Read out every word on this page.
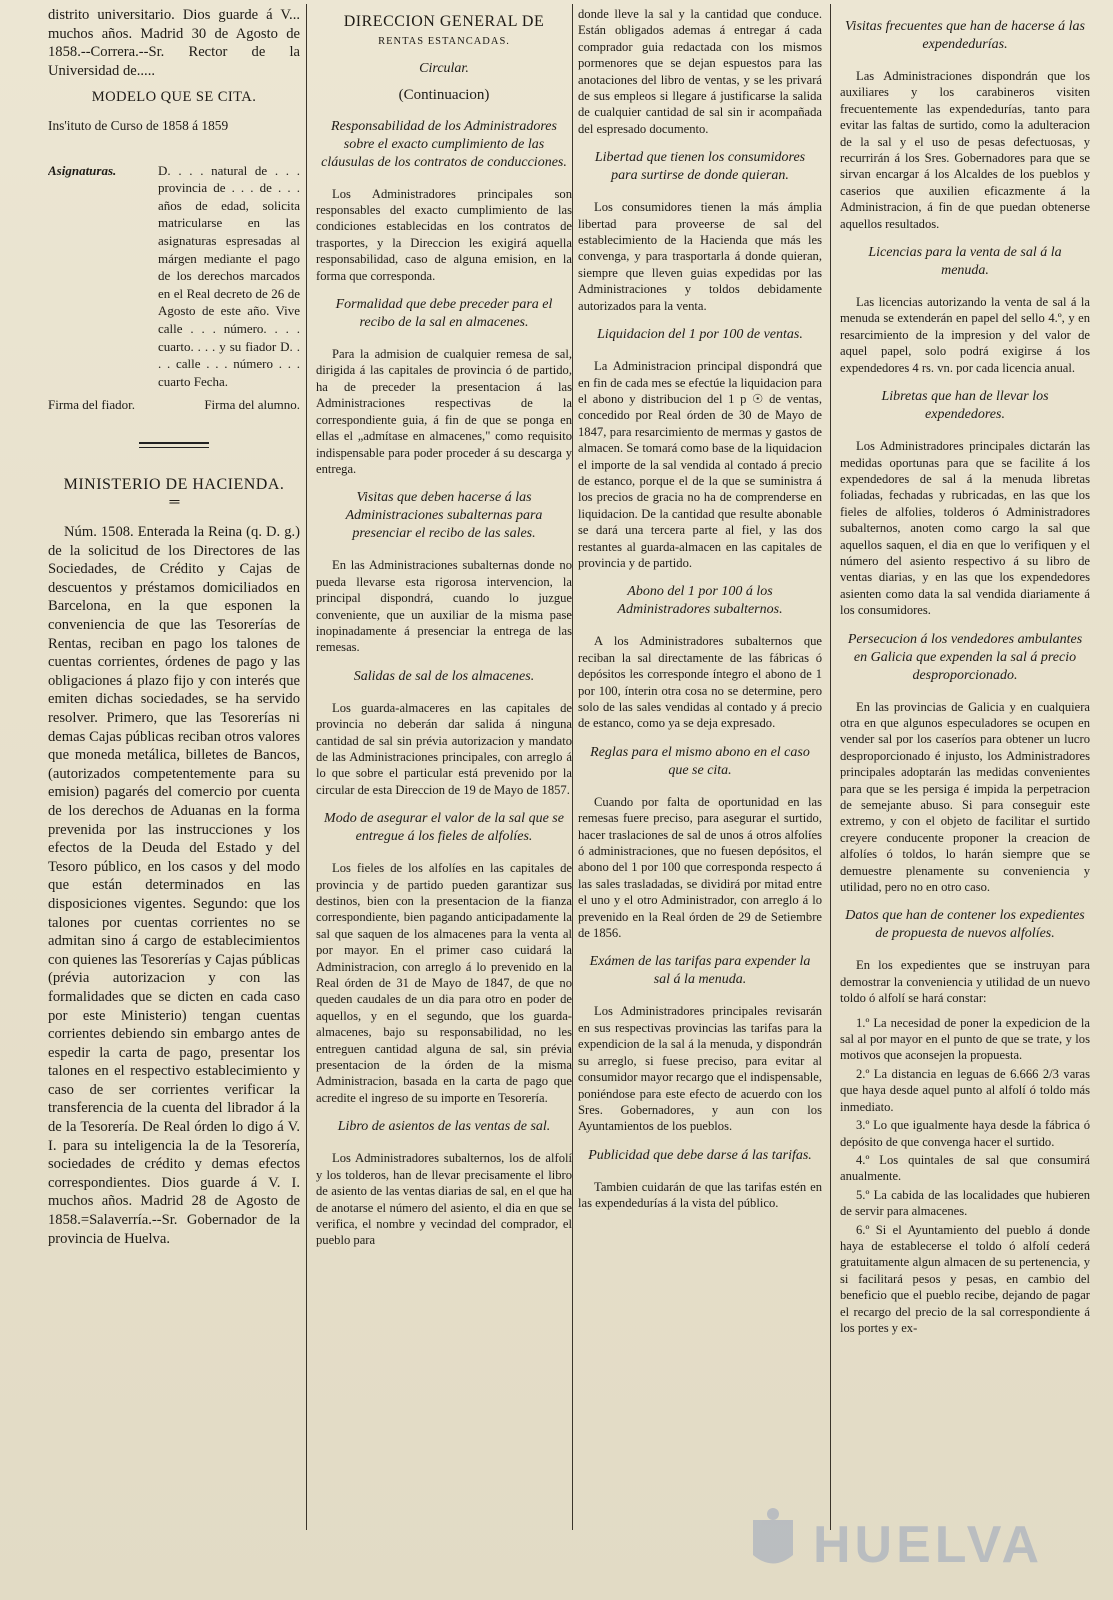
distrito universitario. Dios guarde á V... muchos años. Madrid 30 de Agosto de 1858.--Correra.--Sr. Rector de la Universidad de.....

MODELO QUE SE CITA.
Ins'ituto de Curso de 1858 á 1859
Asignaturas.	D. . . . natural de . . . provincia de . . . de . . . años de edad, solicita matricularse en las asignaturas espresadas al márgen mediante el pago de los derechos marcados en el Real decreto de 26 de Agosto de este año. Vive calle . . . número. . . . cuarto. . . . y su fiador D. . . . calle . . . número . . . cuarto Fecha.
Firma del fiador.	Firma del alumno.
MINISTERIO DE HACIENDA.
═

Núm. 1508. Enterada la Reina (q. D. g.) de la solicitud de los Directores de las Sociedades, de Crédito y Cajas de descuentos y préstamos domiciliados en Barcelona, en la que esponen la conveniencia de que las Tesorerías de Rentas, reciban en pago los talones de cuentas corrientes, órdenes de pago y las obligaciones á plazo fijo y con interés que emiten dichas sociedades, se ha servido resolver. Primero, que las Tesorerías ni demas Cajas públicas reciban otros valores que moneda metálica, billetes de Bancos, (autorizados competentemente para su emision) pagarés del comercio por cuenta de los derechos de Aduanas en la forma prevenida por las instrucciones y los efectos de la Deuda del Estado y del Tesoro público, en los casos y del modo que están determinados en las disposiciones vigentes. Segundo: que los talones por cuentas corrientes no se admitan sino á cargo de establecimientos con quienes las Tesorerías y Cajas públicas (prévia autorizacion y con las formalidades que se dicten en cada caso por este Ministerio) tengan cuentas corrientes debiendo sin embargo antes de espedir la carta de pago, presentar los talones en el respectivo establecimiento y caso de ser corrientes verificar la transferencia de la cuenta del librador á la de la Tesorería. De Real órden lo digo á V. I. para su inteligencia la de la Tesorería, sociedades de crédito y demas efectos correspondientes. Dios guarde á V. I. muchos años. Madrid 28 de Agosto de 1858.=Salaverría.--Sr. Gobernador de la provincia de Huelva.

DIRECCION GENERAL DE
RENTAS ESTANCADAS.
Circular.
(Continuacion)
Responsabilidad de los Administradores sobre el exacto cumplimiento de las cláusulas de los contratos de conducciones.

Los Administradores principales son responsables del exacto cumplimiento de las condiciones establecidas en los contratos de trasportes, y la Direccion les exigirá aquella responsabilidad, caso de alguna emision, en la forma que corresponda.

Formalidad que debe preceder para el recibo de la sal en almacenes.

Para la admision de cualquier remesa de sal, dirigida á las capitales de provincia ó de partido, ha de preceder la presentacion á las Administraciones respectivas de la correspondiente guia, á fin de que se ponga en ellas el „admítase en almacenes," como requisito indispensable para poder proceder á su descarga y entrega.

Visitas que deben hacerse á las Administraciones subalternas para presenciar el recibo de las sales.

En las Administraciones subalternas donde no pueda llevarse esta rigorosa intervencion, la principal dispondrá, cuando lo juzgue conveniente, que un auxiliar de la misma pase inopinadamente á presenciar la entrega de las remesas.

Salidas de sal de los almacenes.

Los guarda-almaceres en las capitales de provincia no deberán dar salida á ninguna cantidad de sal sin prévia autorizacion y mandato de las Administraciones principales, con arreglo á lo que sobre el particular está prevenido por la circular de esta Direccion de 19 de Mayo de 1857.

Modo de asegurar el valor de la sal que se entregue á los fieles de alfolíes.

Los fieles de los alfolíes en las capitales de provincia y de partido pueden garantizar sus destinos, bien con la presentacion de la fianza correspondiente, bien pagando anticipadamente la sal que saquen de los almacenes para la venta al por mayor. En el primer caso cuidará la Administracion, con arreglo á lo prevenido en la Real órden de 31 de Mayo de 1847, de que no queden caudales de un dia para otro en poder de aquellos, y en el segundo, que los guarda-almacenes, bajo su responsabilidad, no les entreguen cantidad alguna de sal, sin prévia presentacion de la órden de la misma Administracion, basada en la carta de pago que acredite el ingreso de su importe en Tesorería.

Libro de asientos de las ventas de sal.

Los Administradores subalternos, los de alfolí y los tolderos, han de llevar precisamente el libro de asiento de las ventas diarias de sal, en el que ha de anotarse el número del asiento, el dia en que se verifica, el nombre y vecindad del comprador, el pueblo para

donde lleve la sal y la cantidad que conduce. Están obligados ademas á entregar á cada comprador guia redactada con los mismos pormenores que se dejan espuestos para las anotaciones del libro de ventas, y se les privará de sus empleos si llegare á justificarse la salida de cualquier cantidad de sal sin ir acompañada del espresado documento.

Libertad que tienen los consumidores para surtirse de donde quieran.

Los consumidores tienen la más ámplia libertad para proveerse de sal del establecimiento de la Hacienda que más les convenga, y para trasportarla á donde quieran, siempre que lleven guias expedidas por las Administraciones y toldos debidamente autorizados para la venta.

Liquidacion del 1 por 100 de ventas.

La Administracion principal dispondrá que en fin de cada mes se efectúe la liquidacion para el abono y distribucion del 1 p ☉ de ventas, concedido por Real órden de 30 de Mayo de 1847, para resarcimiento de mermas y gastos de almacen. Se tomará como base de la liquidacion el importe de la sal vendida al contado á precio de estanco, porque el de la que se suministra á los precios de gracia no ha de comprenderse en liquidacion. De la cantidad que resulte abonable se dará una tercera parte al fiel, y las dos restantes al guarda-almacen en las capitales de provincia y de partido.

Abono del 1 por 100 á los Administradores subalternos.

A los Administradores subalternos que reciban la sal directamente de las fábricas ó depósitos les corresponde íntegro el abono de 1 por 100, ínterin otra cosa no se determine, pero solo de las sales vendidas al contado y á precio de estanco, como ya se deja expresado.

Reglas para el mismo abono en el caso que se cita.

Cuando por falta de oportunidad en las remesas fuere preciso, para asegurar el surtido, hacer traslaciones de sal de unos á otros alfolíes ó administraciones, que no fuesen depósitos, el abono del 1 por 100 que corresponda respecto á las sales trasladadas, se dividirá por mitad entre el uno y el otro Administrador, con arreglo á lo prevenido en la Real órden de 29 de Setiembre de 1856.

Exámen de las tarifas para expender la sal á la menuda.

Los Administradores principales revisarán en sus respectivas provincias las tarifas para la expendicion de la sal á la menuda, y dispondrán su arreglo, si fuese preciso, para evitar al consumidor mayor recargo que el indispensable, poniéndose para este efecto de acuerdo con los Sres. Gobernadores, y aun con los Ayuntamientos de los pueblos.

Publicidad que debe darse á las tarifas.

Tambien cuidarán de que las tarifas estén en las expendedurías á la vista del público.

Visitas frecuentes que han de hacerse á las expendedurías.

Las Administraciones dispondrán que los auxiliares y los carabineros visiten frecuentemente las expendedurías, tanto para evitar las faltas de surtido, como la adulteracion de la sal y el uso de pesas defectuosas, y recurrirán á los Sres. Gobernadores para que se sirvan encargar á los Alcaldes de los pueblos y caserios que auxilien eficazmente á la Administracion, á fin de que puedan obtenerse aquellos resultados.

Licencias para la venta de sal á la menuda.

Las licencias autorizando la venta de sal á la menuda se extenderán en papel del sello 4.º, y en resarcimiento de la impresion y del valor de aquel papel, solo podrá exigirse á los expendedores 4 rs. vn. por cada licencia anual.

Libretas que han de llevar los expendedores.

Los Administradores principales dictarán las medidas oportunas para que se facilite á los expendedores de sal á la menuda libretas foliadas, fechadas y rubricadas, en las que los fieles de alfolies, tolderos ó Administradores subalternos, anoten como cargo la sal que aquellos saquen, el dia en que lo verifiquen y el número del asiento respectivo á su libro de ventas diarias, y en las que los expendedores asienten como data la sal vendida diariamente á los consumidores.

Persecucion á los vendedores ambulantes en Galicia que expenden la sal á precio desproporcionado.

En las provincias de Galicia y en cualquiera otra en que algunos especuladores se ocupen en vender sal por los caseríos para obtener un lucro desproporcionado é injusto, los Administradores principales adoptarán las medidas convenientes para que se les persiga é impida la perpetracion de semejante abuso. Si para conseguir este extremo, y con el objeto de facilitar el surtido creyere conducente proponer la creacion de alfolíes ó toldos, lo harán siempre que se demuestre plenamente su conveniencia y utilidad, pero no en otro caso.

Datos que han de contener los expedientes de propuesta de nuevos alfolíes.

En los expedientes que se instruyan para demostrar la conveniencia y utilidad de un nuevo toldo ó alfolí se hará constar:

1.º La necesidad de poner la expedicion de la sal al por mayor en el punto de que se trate, y los motivos que aconsejen la propuesta.

2.º La distancia en leguas de 6.666 2/3 varas que haya desde aquel punto al alfolí ó toldo más inmediato.

3.º Lo que igualmente haya desde la fábrica ó depósito de que convenga hacer el surtido.

4.º Los quintales de sal que consumirá anualmente.

5.º La cabida de las localidades que hubieren de servir para almacenes.

6.º Si el Ayuntamiento del pueblo á donde haya de establecerse el toldo ó alfolí cederá gratuitamente algun almacen de su pertenencia, y si facilitará pesos y pesas, en cambio del beneficio que el pueblo recibe, dejando de pagar el recargo del precio de la sal correspondiente á los portes y ex-

HUELVA
